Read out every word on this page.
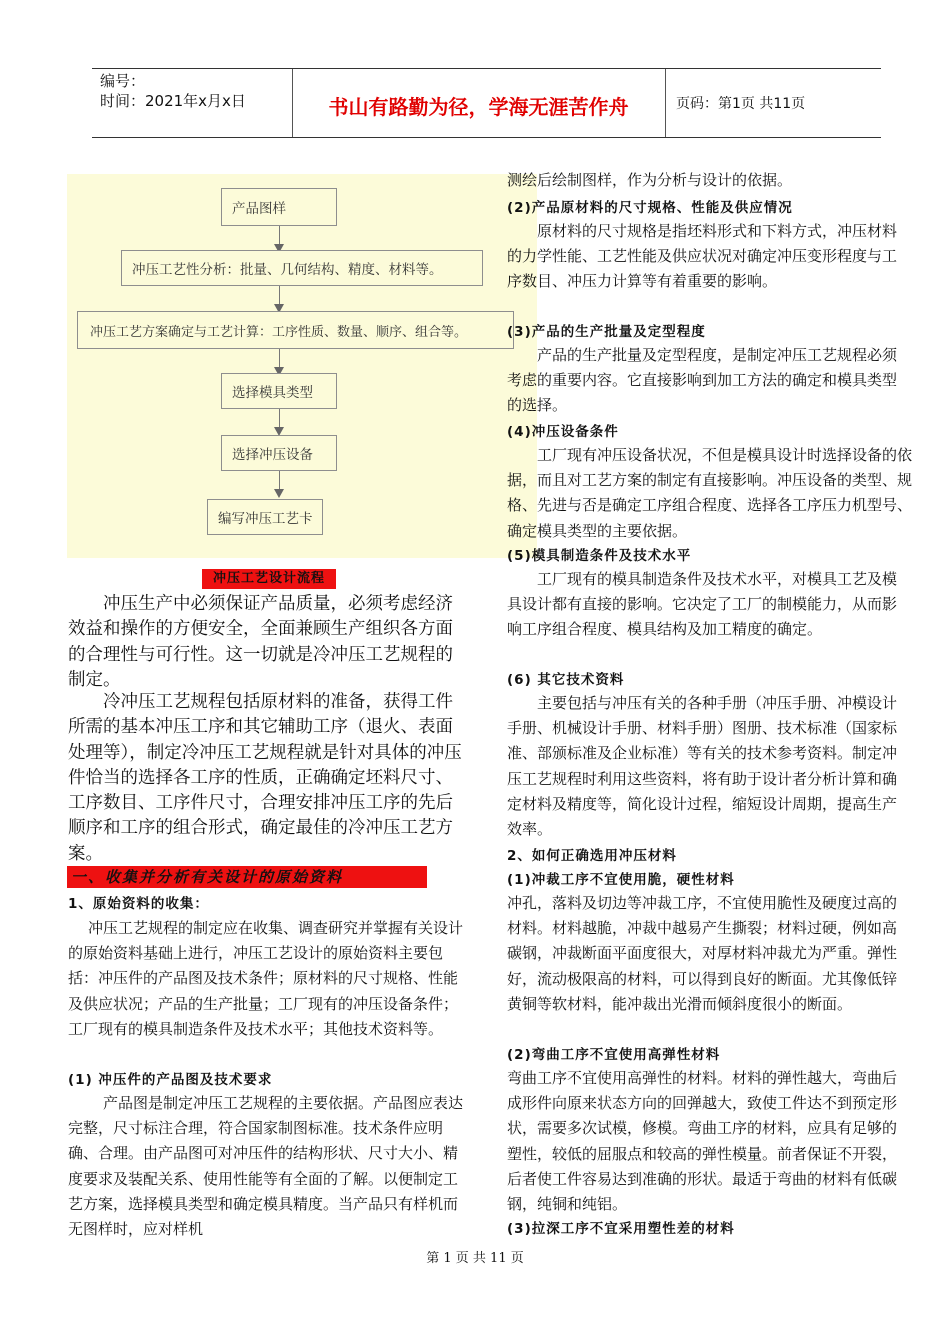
编号：
时间：2021年x月x日	书山有路勤为径，学海无涯苦作舟	页码：第1页 共11页
产品图样
冲压工艺性分析：批量、几何结构、精度、材料等。
冲压工艺方案确定与工艺计算：工序性质、数量、顺序、组合等。
选择模具类型
选择冲压设备
编写冲压工艺卡
冲压工艺设计流程

冲压生产中必须保证产品质量，必须考虑经济效益和操作的方便安全，全面兼顾生产组织各方面的合理性与可行性。这一切就是冷冲压工艺规程的制定。

冷冲压工艺规程包括原材料的准备，获得工件所需的基本冲压工序和其它辅助工序（退火、表面处理等），制定冷冲压工艺规程就是针对具体的冲压件恰当的选择各工序的性质，正确确定坯料尺寸、工序数目、工序件尺寸，合理安排冲压工序的先后顺序和工序的组合形式，确定最佳的冷冲压工艺方案。

一、收集并分析有关设计的原始资料
1、原始资料的收集：

冲压工艺规程的制定应在收集、调查研究并掌握有关设计的原始资料基础上进行，冲压工艺设计的原始资料主要包括：冲压件的产品图及技术条件；原材料的尺寸规格、性能及供应状况；产品的生产批量；工厂现有的冲压设备条件；工厂现有的模具制造条件及技术水平；其他技术资料等。

(1) 冲压件的产品图及技术要求

产品图是制定冲压工艺规程的主要依据。产品图应表达完整，尺寸标注合理，符合国家制图标准。技术条件应明确、合理。由产品图可对冲压件的结构形状、尺寸大小、精度要求及装配关系、使用性能等有全面的了解。以便制定工艺方案，选择模具类型和确定模具精度。当产品只有样机而无图样时，应对样机

测绘后绘制图样，作为分析与设计的依据。

(2)产品原材料的尺寸规格、性能及供应情况

原材料的尺寸规格是指坯料形式和下料方式，冲压材料的力学性能、工艺性能及供应状况对确定冲压变形程度与工序数目、冲压力计算等有着重要的影响。

(3)产品的生产批量及定型程度

产品的生产批量及定型程度，是制定冲压工艺规程必须考虑的重要内容。它直接影响到加工方法的确定和模具类型的选择。

(4)冲压设备条件

工厂现有冲压设备状况，不但是模具设计时选择设备的依据，而且对工艺方案的制定有直接影响。冲压设备的类型、规格、先进与否是确定工序组合程度、选择各工序压力机型号、确定模具类型的主要依据。

(5)模具制造条件及技术水平

工厂现有的模具制造条件及技术水平，对模具工艺及模具设计都有直接的影响。它决定了工厂的制模能力，从而影响工序组合程度、模具结构及加工精度的确定。

(6) 其它技术资料

主要包括与冲压有关的各种手册（冲压手册、冲模设计手册、机械设计手册、材料手册）图册、技术标准（国家标准、部颁标准及企业标准）等有关的技术参考资料。制定冲压工艺规程时利用这些资料，将有助于设计者分析计算和确定材料及精度等，简化设计过程，缩短设计周期，提高生产效率。

2、如何正确选用冲压材料
(1)冲裁工序不宜使用脆，硬性材料

冲孔，落料及切边等冲裁工序，不宜使用脆性及硬度过高的材料。材料越脆，冲裁中越易产生撕裂；材料过硬，例如高碳钢，冲裁断面平面度很大，对厚材料冲裁尤为严重。弹性好，流动极限高的材料，可以得到良好的断面。尤其像低锌黄铜等软材料，能冲裁出光滑而倾斜度很小的断面。

(2)弯曲工序不宜使用高弹性材料

弯曲工序不宜使用高弹性的材料。材料的弹性越大，弯曲后成形件向原来状态方向的回弹越大，致使工件达不到预定形状，需要多次试模，修模。弯曲工序的材料，应具有足够的塑性，较低的屈服点和较高的弹性模量。前者保证不开裂，后者使工件容易达到准确的形状。最适于弯曲的材料有低碳钢，纯铜和纯铝。

(3)拉深工序不宜采用塑性差的材料
第 1 页 共 11 页
